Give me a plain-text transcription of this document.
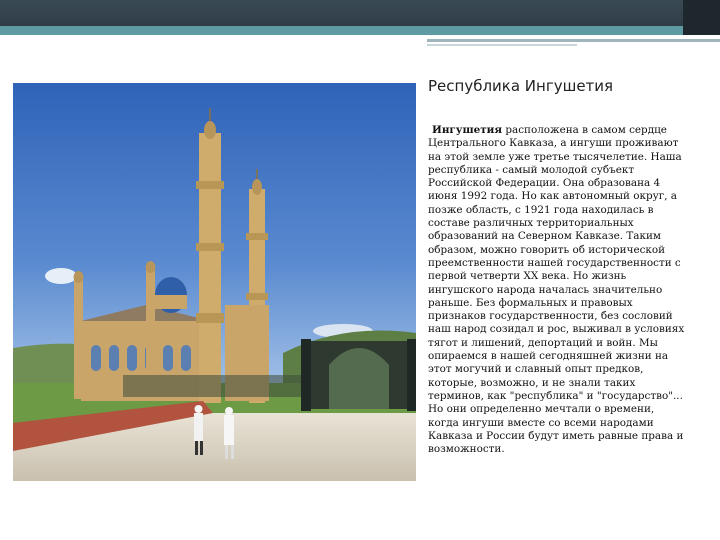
Республика Ингушетия
Ингушетия расположена в самом сердце Центрального Кавказа, а ингуши проживают на этой земле уже третье тысячелетие. Наша республика - самый молодой субъект Российской Федерации. Она образована 4 июня 1992 года. Но как автономный округ, а позже область, с 1921 года находилась в составе различных территориальных образований на Северном Кавказе. Таким образом, можно говорить об исторической преемственности нашей государственности с первой четверти ХХ века. Но жизнь ингушского народа началась значительно раньше. Без формальных и правовых признаков государственности, без сословий наш народ созидал и рос, выживал в условиях тягот и лишений, депортаций и войн. Мы опираемся в нашей сегодняшней жизни на этот могучий и славный опыт предков, которые, возможно, и не знали таких терминов, как "республика" и "государство"... Но они определенно мечтали о времени, когда ингуши вместе со всеми народами Кавказа и России будут иметь равные права и возможности.
